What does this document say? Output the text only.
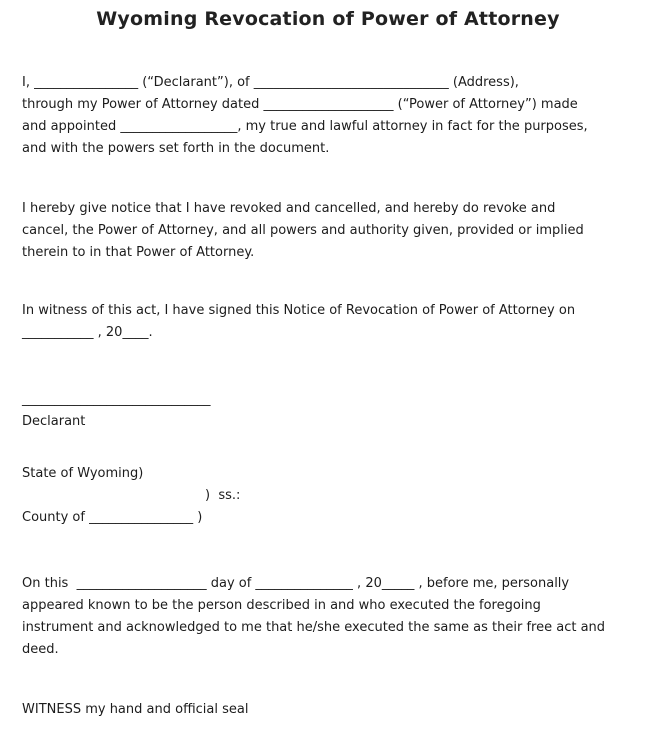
Wyoming Revocation of Power of Attorney
I, ________________ (“Declarant”), of ______________________________ (Address),
through my Power of Attorney dated ____________________ (“Power of Attorney”) made
and appointed __________________, my true and lawful attorney in fact for the purposes,
and with the powers set forth in the document.
I hereby give notice that I have revoked and cancelled, and hereby do revoke and
cancel, the Power of Attorney, and all powers and authority given, provided or implied
therein to in that Power of Attorney.
In witness of this act, I have signed this Notice of Revocation of Power of Attorney on
___________ , 20____.
_____________________________
Declarant
State of Wyoming)
)  ss.:
County of ________________ )
On this  ____________________ day of _______________ , 20_____ , before me, personally
appeared known to be the person described in and who executed the foregoing
instrument and acknowledged to me that he/she executed the same as their free act and
deed.
WITNESS my hand and official seal
